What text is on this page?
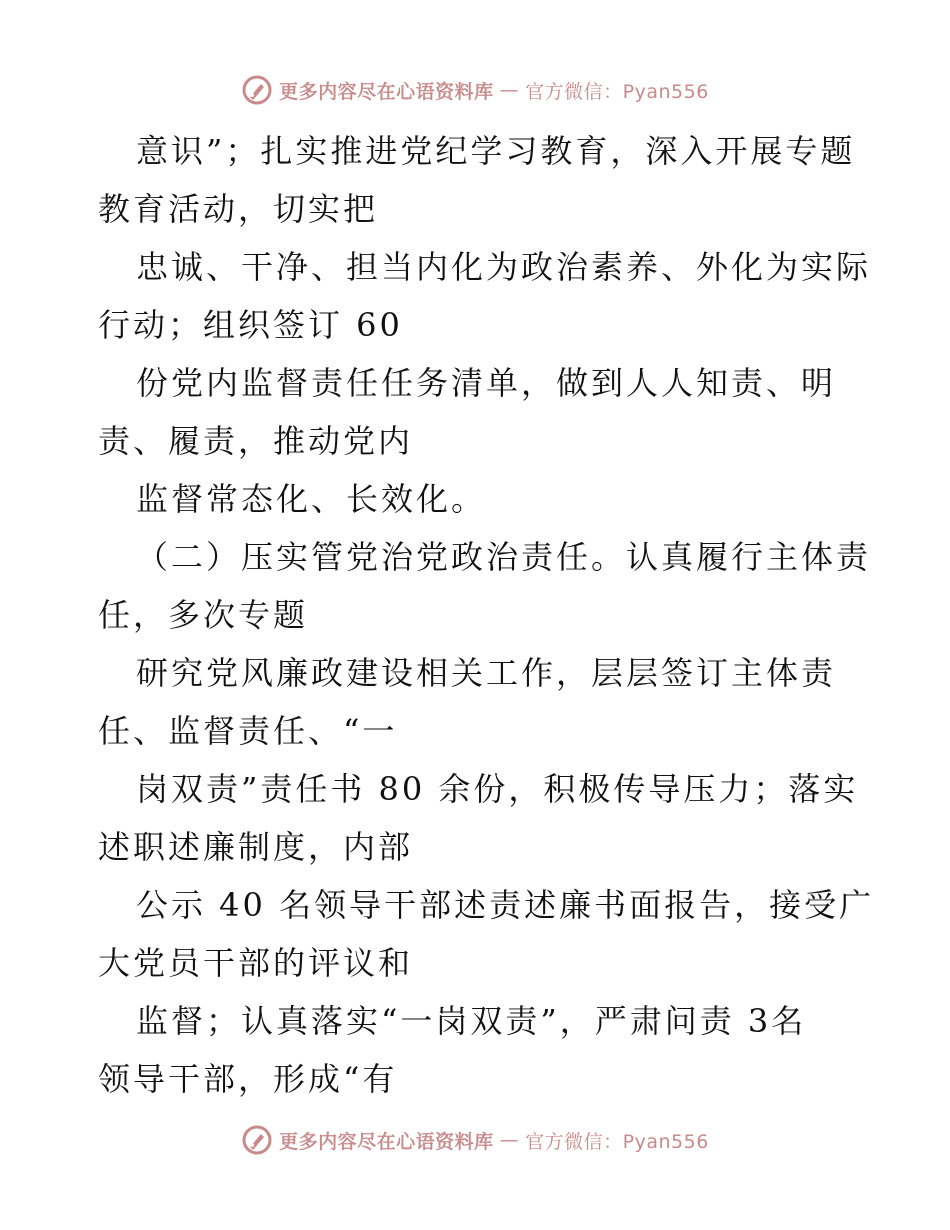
更多内容尽在心语资料库 — 官方微信：Pyan556
意识”；扎实推进党纪学习教育，深入开展专题
教育活动，切实把
忠诚、干净、担当内化为政治素养、外化为实际
行动；组织签订 60
份党内监督责任任务清单，做到人人知责、明
责、履责，推动党内
监督常态化、长效化。
（二）压实管党治党政治责任。认真履行主体责
任，多次专题
研究党风廉政建设相关工作，层层签订主体责
任、监督责任、“一
岗双责”责任书 80 余份，积极传导压力；落实
述职述廉制度，内部
公示 40 名领导干部述责述廉书面报告，接受广
大党员干部的评议和
监督；认真落实“一岗双责”，严肃问责 3名
领导干部，形成“有
更多内容尽在心语资料库 — 官方微信：Pyan556
